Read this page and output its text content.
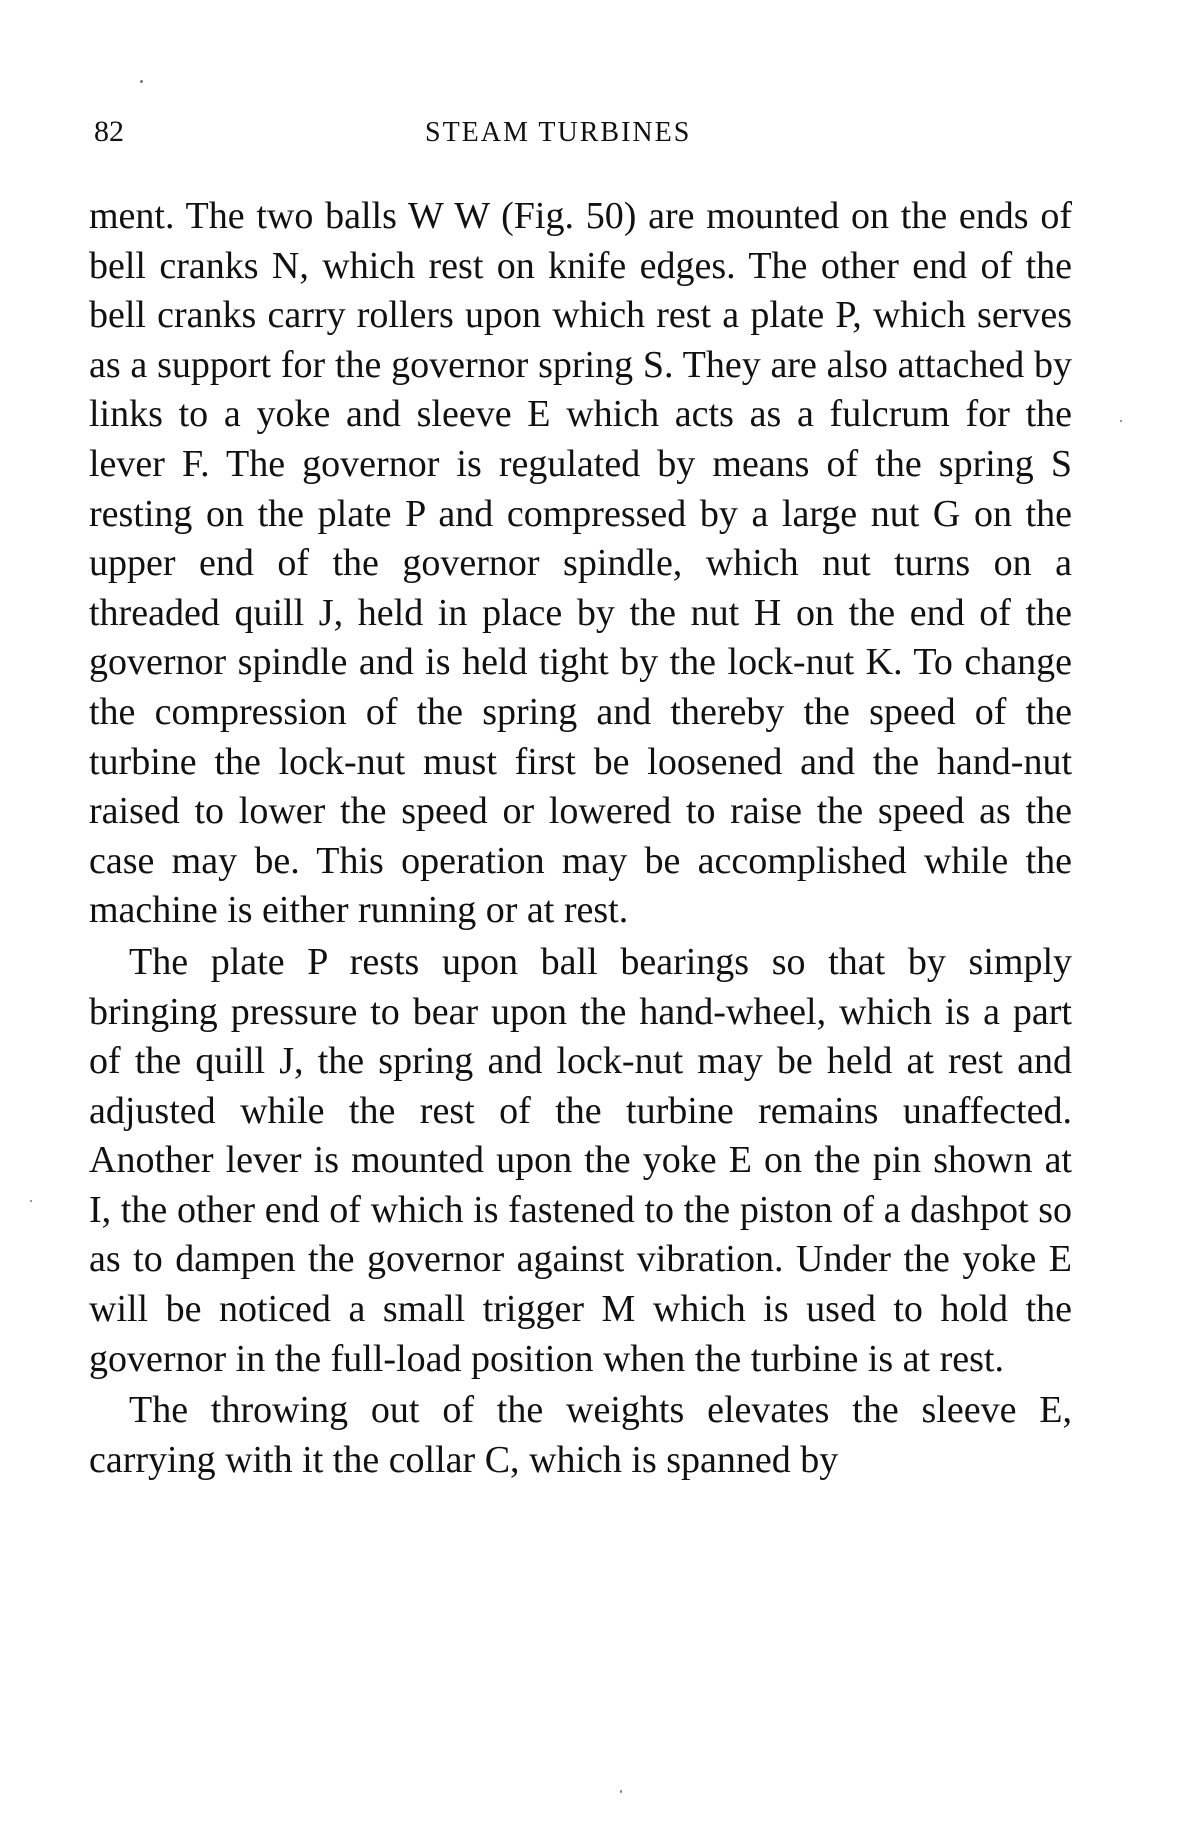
82	STEAM TURBINES

ment. The two balls W W (Fig. 50) are mounted on the ends of bell cranks N, which rest on knife edges. The other end of the bell cranks carry rollers upon which rest a plate P, which serves as a support for the governor spring S. They are also attached by links to a yoke and sleeve E which acts as a fulcrum for the lever F. The governor is regulated by means of the spring S resting on the plate P and compressed by a large nut G on the upper end of the governor spindle, which nut turns on a threaded quill J, held in place by the nut H on the end of the governor spindle and is held tight by the lock-nut K. To change the compression of the spring and thereby the speed of the turbine the lock-nut must first be loosened and the hand-nut raised to lower the speed or lowered to raise the speed as the case may be. This operation may be accomplished while the machine is either running or at rest.

The plate P rests upon ball bearings so that by simply bringing pressure to bear upon the hand-wheel, which is a part of the quill J, the spring and lock-nut may be held at rest and adjusted while the rest of the turbine remains unaffected. Another lever is mounted upon the yoke E on the pin shown at I, the other end of which is fastened to the piston of a dashpot so as to dampen the governor against vibration. Under the yoke E will be noticed a small trigger M which is used to hold the governor in the full-load position when the turbine is at rest.

The throwing out of the weights elevates the sleeve E, carrying with it the collar C, which is spanned by
